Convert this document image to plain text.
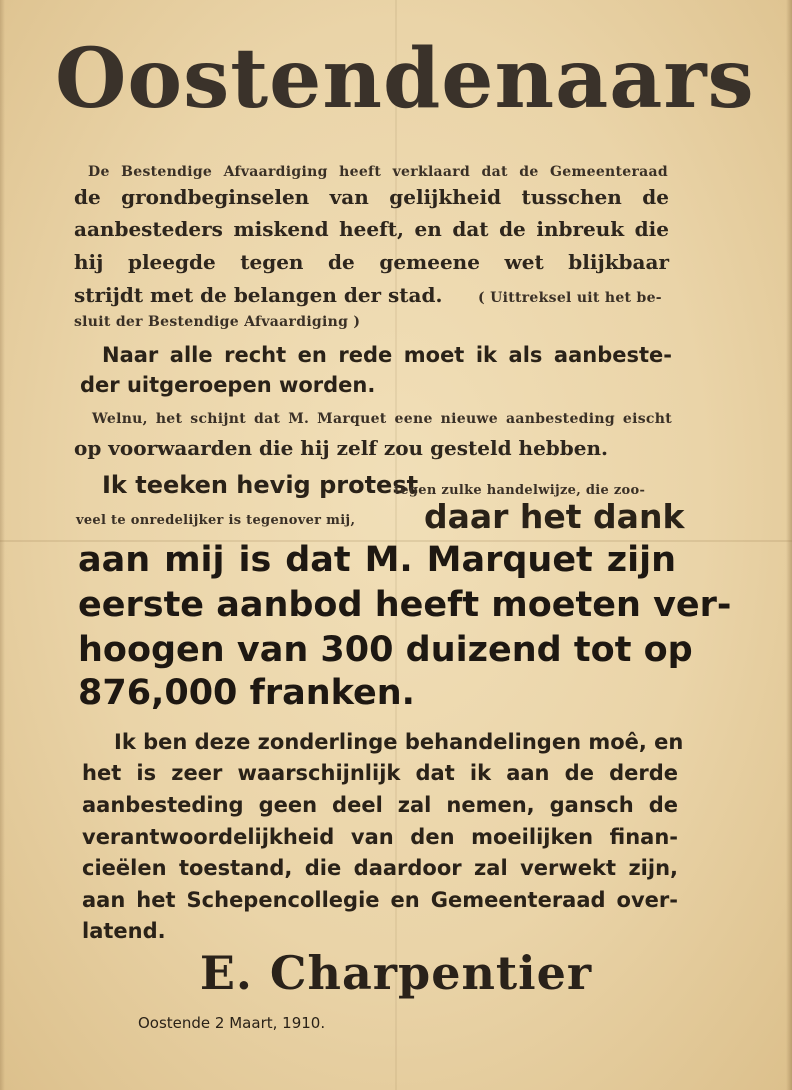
Oostendenaars
De Bestendige Afvaardiging heeft verklaard dat de Gemeenteraad
de grondbeginselen van gelijkheid tusschen de
aanbesteders miskend heeft, en dat de inbreuk die
hij pleegde tegen de gemeene wet blijkbaar
strijdt met de belangen der stad.	( Uittreksel uit het be-
sluit der Bestendige Afvaardiging )
Naar alle recht en rede moet ik als aanbeste-
der uitgeroepen worden.
Welnu, het schijnt dat M. Marquet eene nieuwe aanbesteding eischt
op voorwaarden die hij zelf zou gesteld hebben.
Ik teeken hevig protest
tegen zulke handelwijze, die zoo-
veel te onredelijker is tegenover mij, daar het dank
aan mij is dat M. Marquet zijn
eerste aanbod heeft moeten ver-
hoogen van 300 duizend tot op
876,000 franken.
Ik ben deze zonderlinge behandelingen moê, en
het is zeer waarschijnlijk dat ik aan de derde
aanbesteding geen deel zal nemen, gansch de
verantwoordelijkheid van den moeilijken finan-
cieëlen toestand, die daardoor zal verwekt zijn,
aan het Schepencollegie en Gemeenteraad over-
latend.
E. Charpentier
Oostende 2 Maart, 1910.
